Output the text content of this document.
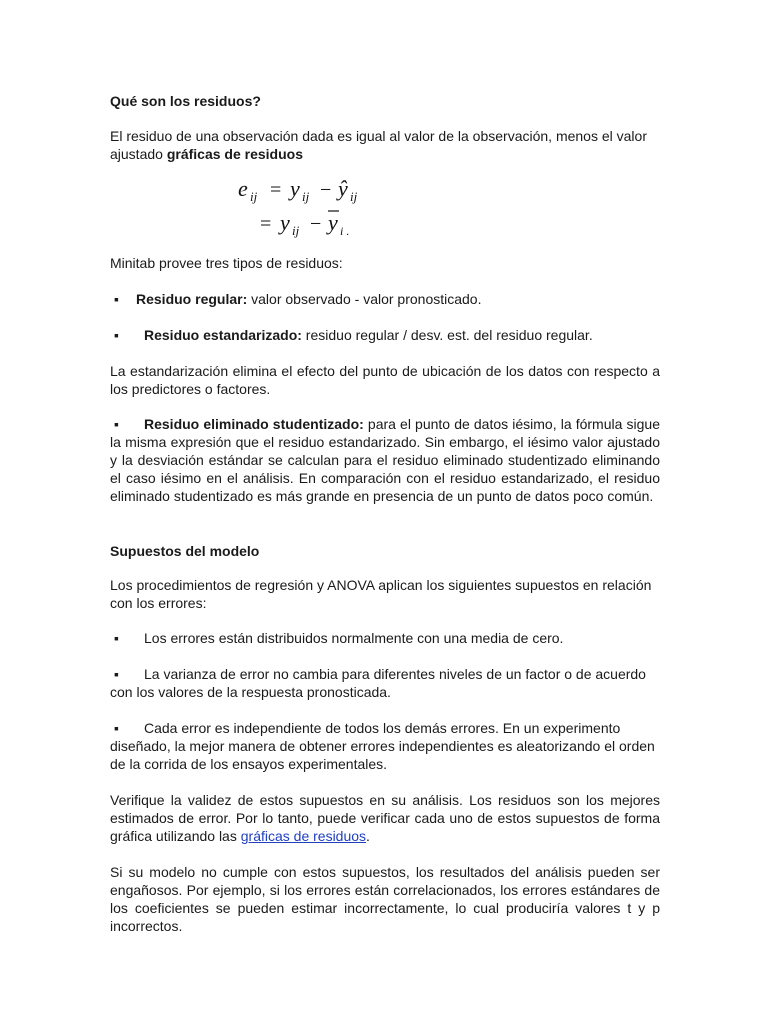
Qué son los residuos?

El residuo de una observación dada es igual al valor de la observación, menos el valor ajustado gráficas de residuos

Minitab provee tres tipos de residuos:

▪ Residuo regular: valor observado - valor pronosticado.

▪ Residuo estandarizado: residuo regular / desv. est. del residuo regular.

La estandarización elimina el efecto del punto de ubicación de los datos con respecto a los predictores o factores.

▪ Residuo eliminado studentizado: para el punto de datos iésimo, la fórmula sigue la misma expresión que el residuo estandarizado. Sin embargo, el iésimo valor ajustado y la desviación estándar se calculan para el residuo eliminado studentizado eliminando el caso iésimo en el análisis. En comparación con el residuo estandarizado, el residuo eliminado studentizado es más grande en presencia de un punto de datos poco común.

Supuestos del modelo

Los procedimientos de regresión y ANOVA aplican los siguientes supuestos en relación con los errores:

▪ Los errores están distribuidos normalmente con una media de cero.

▪ La varianza de error no cambia para diferentes niveles de un factor o de acuerdo con los valores de la respuesta pronosticada.

▪ Cada error es independiente de todos los demás errores. En un experimento diseñado, la mejor manera de obtener errores independientes es aleatorizando el orden de la corrida de los ensayos experimentales.

Verifique la validez de estos supuestos en su análisis. Los residuos son los mejores estimados de error. Por lo tanto, puede verificar cada uno de estos supuestos de forma gráfica utilizando las gráficas de residuos.

Si su modelo no cumple con estos supuestos, los resultados del análisis pueden ser engañosos. Por ejemplo, si los errores están correlacionados, los errores estándares de los coeficientes se pueden estimar incorrectamente, lo cual produciría valores t y p incorrectos.

e ij = y ij − ŷ ij
= y ij − y i .
